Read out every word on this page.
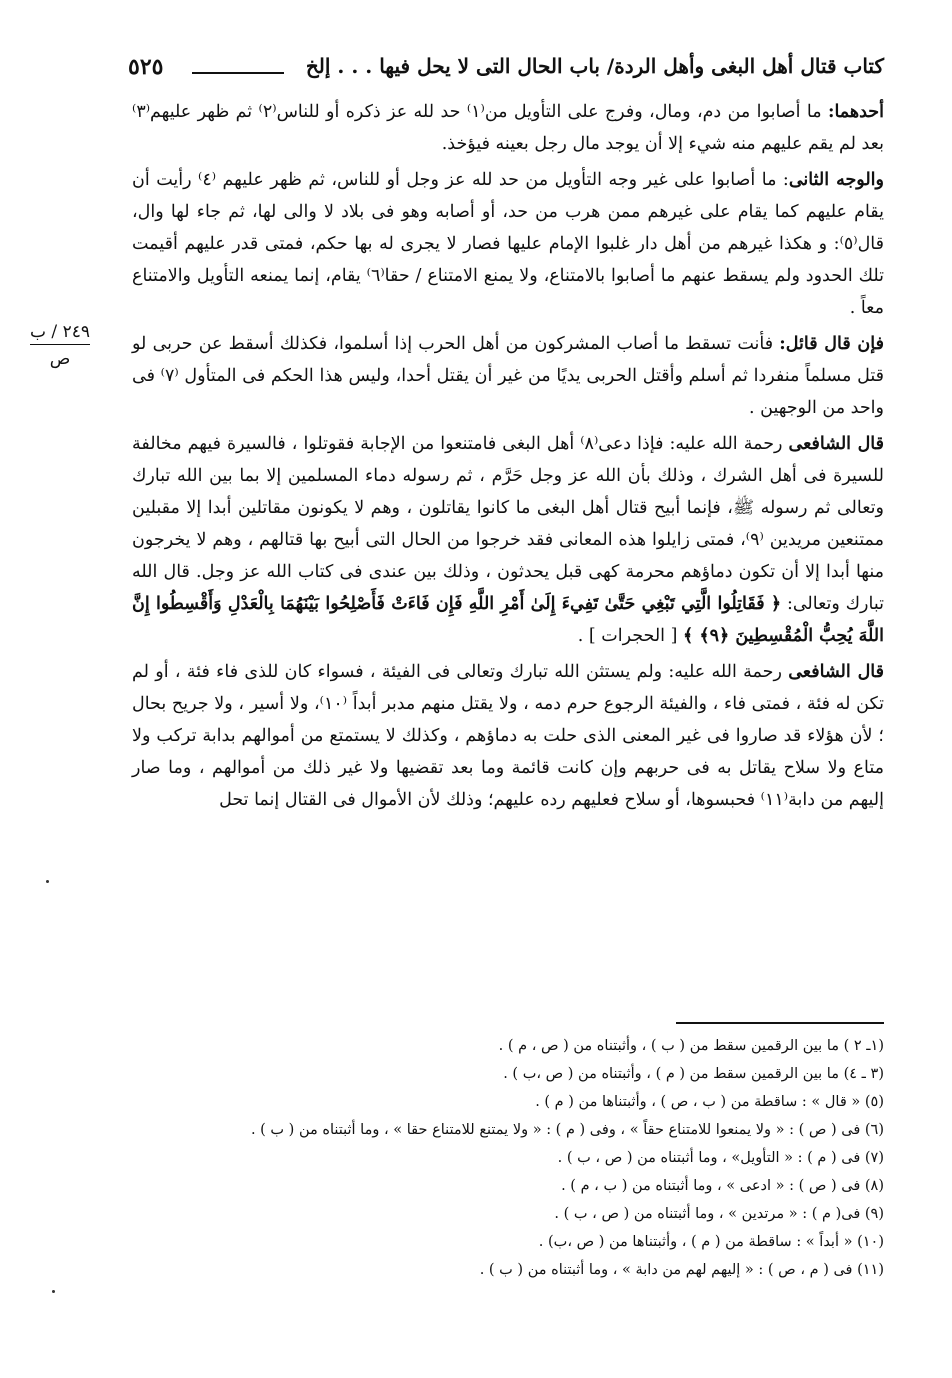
٥٢٥	كتاب قتال أهل البغى وأهل الردة/ باب الحال التى لا يحل فيها . . . إلخ
٢٤٩ / ب
ص

أحدهما: ما أصابوا من دم، ومال، وفرج على التأويل من⁽١⁾ حد لله عز ذكره أو للناس⁽٢⁾ ثم ظهر عليهم⁽٣⁾ بعد لم يقم عليهم منه شيء إلا أن يوجد مال رجل بعينه فيؤخذ.

والوجه الثانى: ما أصابوا على غير وجه التأويل من حد لله عز وجل أو للناس، ثم ظهر عليهم ⁽٤⁾ رأيت أن يقام عليهم كما يقام على غيرهم ممن هرب من حد، أو أصابه وهو فى بلاد لا والى لها، ثم جاء لها وال، قال⁽٥⁾: و هكذا غيرهم من أهل دار غلبوا الإمام عليها فصار لا يجرى له بها حكم، فمتى قدر عليهم أقيمت تلك الحدود ولم يسقط عنهم ما أصابوا بالامتناع، ولا يمنع الامتناع / حقا⁽٦⁾ يقام، إنما يمنعه التأويل والامتناع معاً .

فإن قال قائل: فأنت تسقط ما أصاب المشركون من أهل الحرب إذا أسلموا، فكذلك أسقط عن حربى لو قتل مسلماً منفردا ثم أسلم وأقتل الحربى يديًا من غير أن يقتل أحدا، وليس هذا الحكم فى المتأول ⁽٧⁾ فى واحد من الوجهين .

قال الشافعى رحمة الله عليه: فإذا دعى⁽٨⁾ أهل البغى فامتنعوا من الإجابة فقوتلوا ، فالسيرة فيهم مخالفة للسيرة فى أهل الشرك ، وذلك بأن الله عز وجل حَرَّم ، ثم رسوله دماء المسلمين إلا بما بين الله تبارك وتعالى ثم رسوله ﷺ، فإنما أبيح قتال أهل البغى ما كانوا يقاتلون ، وهم لا يكونون مقاتلين أبدا إلا مقبلين ممتنعين مريدين ⁽٩⁾، فمتى زايلوا هذه المعانى فقد خرجوا من الحال التى أبيح بها قتالهم ، وهم لا يخرجون منها أبدا إلا أن تكون دماؤهم محرمة كهى قبل يحدثون ، وذلك بين عندى فى كتاب الله عز وجل. قال الله تبارك وتعالى: ﴿ فَقَاتِلُوا الَّتِي تَبْغِي حَتَّىٰ تَفِيءَ إِلَىٰ أَمْرِ اللَّهِ فَإِن فَاءَتْ فَأَصْلِحُوا بَيْنَهُمَا بِالْعَدْلِ وَأَقْسِطُوا إِنَّ اللَّهَ يُحِبُّ الْمُقْسِطِينَ ﴿٩﴾ ﴾ [ الحجرات ] .

قال الشافعى رحمة الله عليه: ولم يستثن الله تبارك وتعالى فى الفيئة ، فسواء كان للذى فاء فئة ، أو لم تكن له فئة ، فمتى فاء ، والفيئة الرجوع حرم دمه ، ولا يقتل منهم مدبر أبداً ⁽١٠⁾، ولا أسير ، ولا جريح بحال ؛ لأن هؤلاء قد صاروا فى غير المعنى الذى حلت به دماؤهم ، وكذلك لا يستمتع من أموالهم بدابة تركب ولا متاع ولا سلاح يقاتل به فى حربهم وإن كانت قائمة وما بعد تقضيها ولا غير ذلك من أموالهم ، وما صار إليهم من دابة⁽١١⁾ فحبسوها، أو سلاح فعليهم رده عليهم؛ وذلك لأن الأموال فى القتال إنما تحل

(١ـ ٢ ) ما بين الرقمين سقط من ( ب ) ، وأثبتناه من ( ص ، م ) .
(٣ ـ ٤) ما بين الرقمين سقط من ( م ) ، وأثبتناه من ( ص ،ب ) .
(٥) « قال » : ساقطة من ( ب ، ص ) ، وأثبتناها من ( م ) .
(٦) فى ( ص ) : « ولا يمنعوا للامتناع حقاً » ، وفى ( م ) : « ولا يمتنع للامتناع حقا » ، وما أثبتناه من ( ب ) .
(٧) فى ( م ) : « التأويل» ، وما أثبتناه من ( ص ، ب ) .
(٨) فى ( ص ) : « ادعى » ، وما أثبتناه من ( ب ، م ) .
(٩) فى( م ) : « مرتدين » ، وما أثبتناه من ( ص ، ب ) .
(١٠) « أبداً » : ساقطة من ( م ) ، وأثبتناها من ( ص ،ب) .
(١١) فى ( م ، ص ) : « إليهم لهم من دابة » ، وما أثبتناه من ( ب ) .
